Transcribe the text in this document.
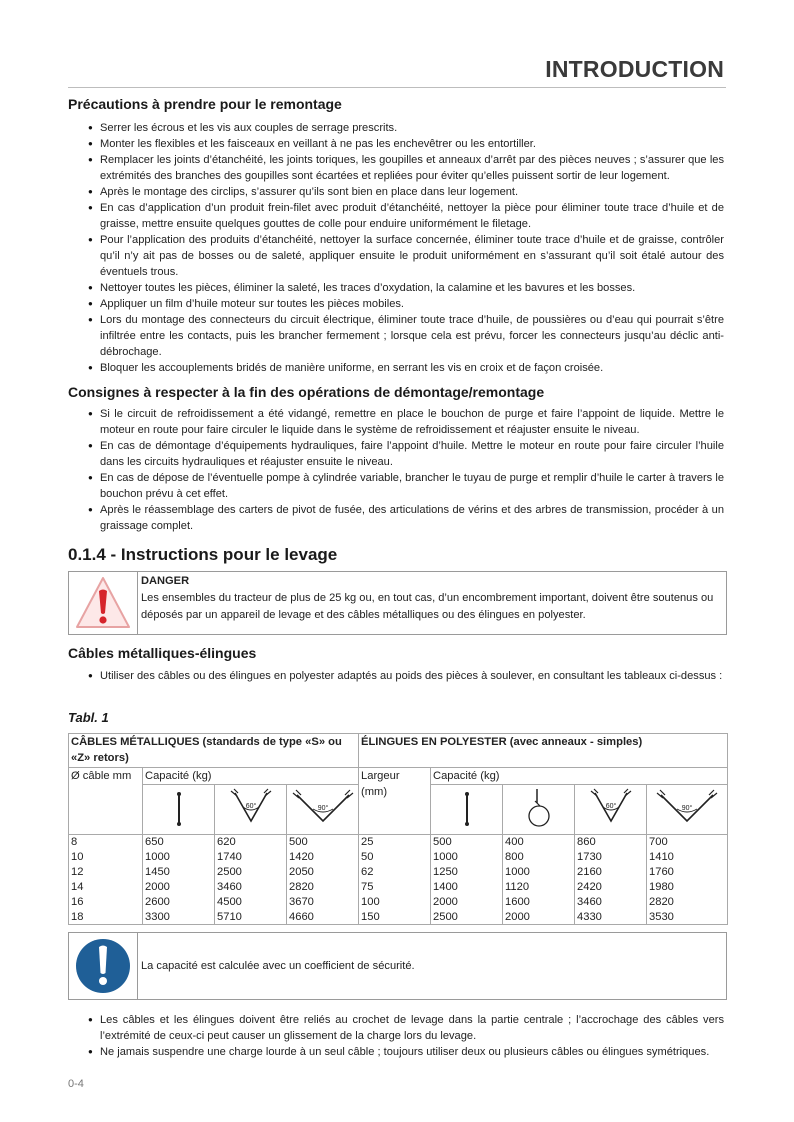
INTRODUCTION
Précautions à prendre pour le remontage
● Serrer les écrous et les vis aux couples de serrage prescrits.
● Monter les flexibles et les faisceaux en veillant à ne pas les enchevêtrer ou les entortiller.
● Remplacer les joints d’étanchéité, les joints toriques, les goupilles et anneaux d’arrêt par des pièces neuves ; s’assurer que les extrémités des branches des goupilles sont écartées et repliées pour éviter qu’elles puissent sortir de leur logement.
● Après le montage des circlips, s’assurer qu’ils sont bien en place dans leur logement.
● En cas d’application d’un produit frein-filet avec produit d’étanchéité, nettoyer la pièce pour éliminer toute trace d’huile et de graisse, mettre ensuite quelques gouttes de colle pour enduire uniformément le filetage.
● Pour l’application des produits d’étanchéité, nettoyer la surface concernée, éliminer toute trace d’huile et de graisse, contrôler qu’il n’y ait pas de bosses ou de saleté, appliquer ensuite le produit uniformément en s’assurant qu’il soit étalé autour des éventuels trous.
● Nettoyer toutes les pièces, éliminer la saleté, les traces d’oxydation, la calamine et les bavures et les bosses.
● Appliquer un film d’huile moteur sur toutes les pièces mobiles.
● Lors du montage des connecteurs du circuit électrique, éliminer toute trace d’huile, de poussières ou d’eau qui pourrait s’être infiltrée entre les contacts, puis les brancher fermement ; lorsque cela est prévu, forcer les connecteurs jusqu’au déclic anti-débrochage.
● Bloquer les accouplements bridés de manière uniforme, en serrant les vis en croix et de façon croisée.
Consignes à respecter à la fin des opérations de démontage/remontage
● Si le circuit de refroidissement a été vidangé, remettre en place le bouchon de purge et faire l’appoint de liquide. Mettre le moteur en route pour faire circuler le liquide dans le système de refroidissement et réajuster ensuite le niveau.
● En cas de démontage d’équipements hydrauliques, faire l’appoint d’huile. Mettre le moteur en route pour faire circuler l’huile dans les circuits hydrauliques et réajuster ensuite le niveau.
● En cas de dépose de l’éventuelle pompe à cylindrée variable, brancher le tuyau de purge et remplir d’huile le carter à travers le bouchon prévu à cet effet.
● Après le réassemblage des carters de pivot de fusée, des articulations de vérins et des arbres de transmission, procéder à un graissage complet.
0.1.4 - Instructions pour le levage
DANGER
Les ensembles du tracteur de plus de 25 kg ou, en tout cas, d’un encombrement important, doivent être soutenus ou déposés par un appareil de levage et des câbles métalliques ou des élingues en polyester.
Câbles métalliques-élingues
● Utiliser des câbles ou des élingues en polyester adaptés au poids des pièces à soulever, en consultant les tableaux ci-dessus :
Tabl. 1
CÂBLES MÉTALLIQUES (standards de type «S» ou «Z» retors)				ÉLINGUES EN POLYESTER (avec anneaux - simples)				
Ø câble mm	Capacité (kg)			Largeur (mm)	Capacité (kg)			

60°	90°				60°	90°

8	650	620	500	25	500	400	860	700
10	1000	1740	1420	50	1000	800	1730	1410
12	1450	2500	2050	62	1250	1000	2160	1760
14	2000	3460	2820	75	1400	1120	2420	1980
16	2600	4500	3670	100	2000	1600	3460	2820
18	3300	5710	4660	150	2500	2000	4330	3530
La capacité est calculée avec un coefficient de sécurité.
● Les câbles et les élingues doivent être reliés au crochet de levage dans la partie centrale ; l’accrochage des câbles vers l’extrémité de ceux-ci peut causer un glissement de la charge lors du levage.
● Ne jamais suspendre une charge lourde à un seul câble ; toujours utiliser deux ou plusieurs câbles ou élingues symétriques.
0-4
